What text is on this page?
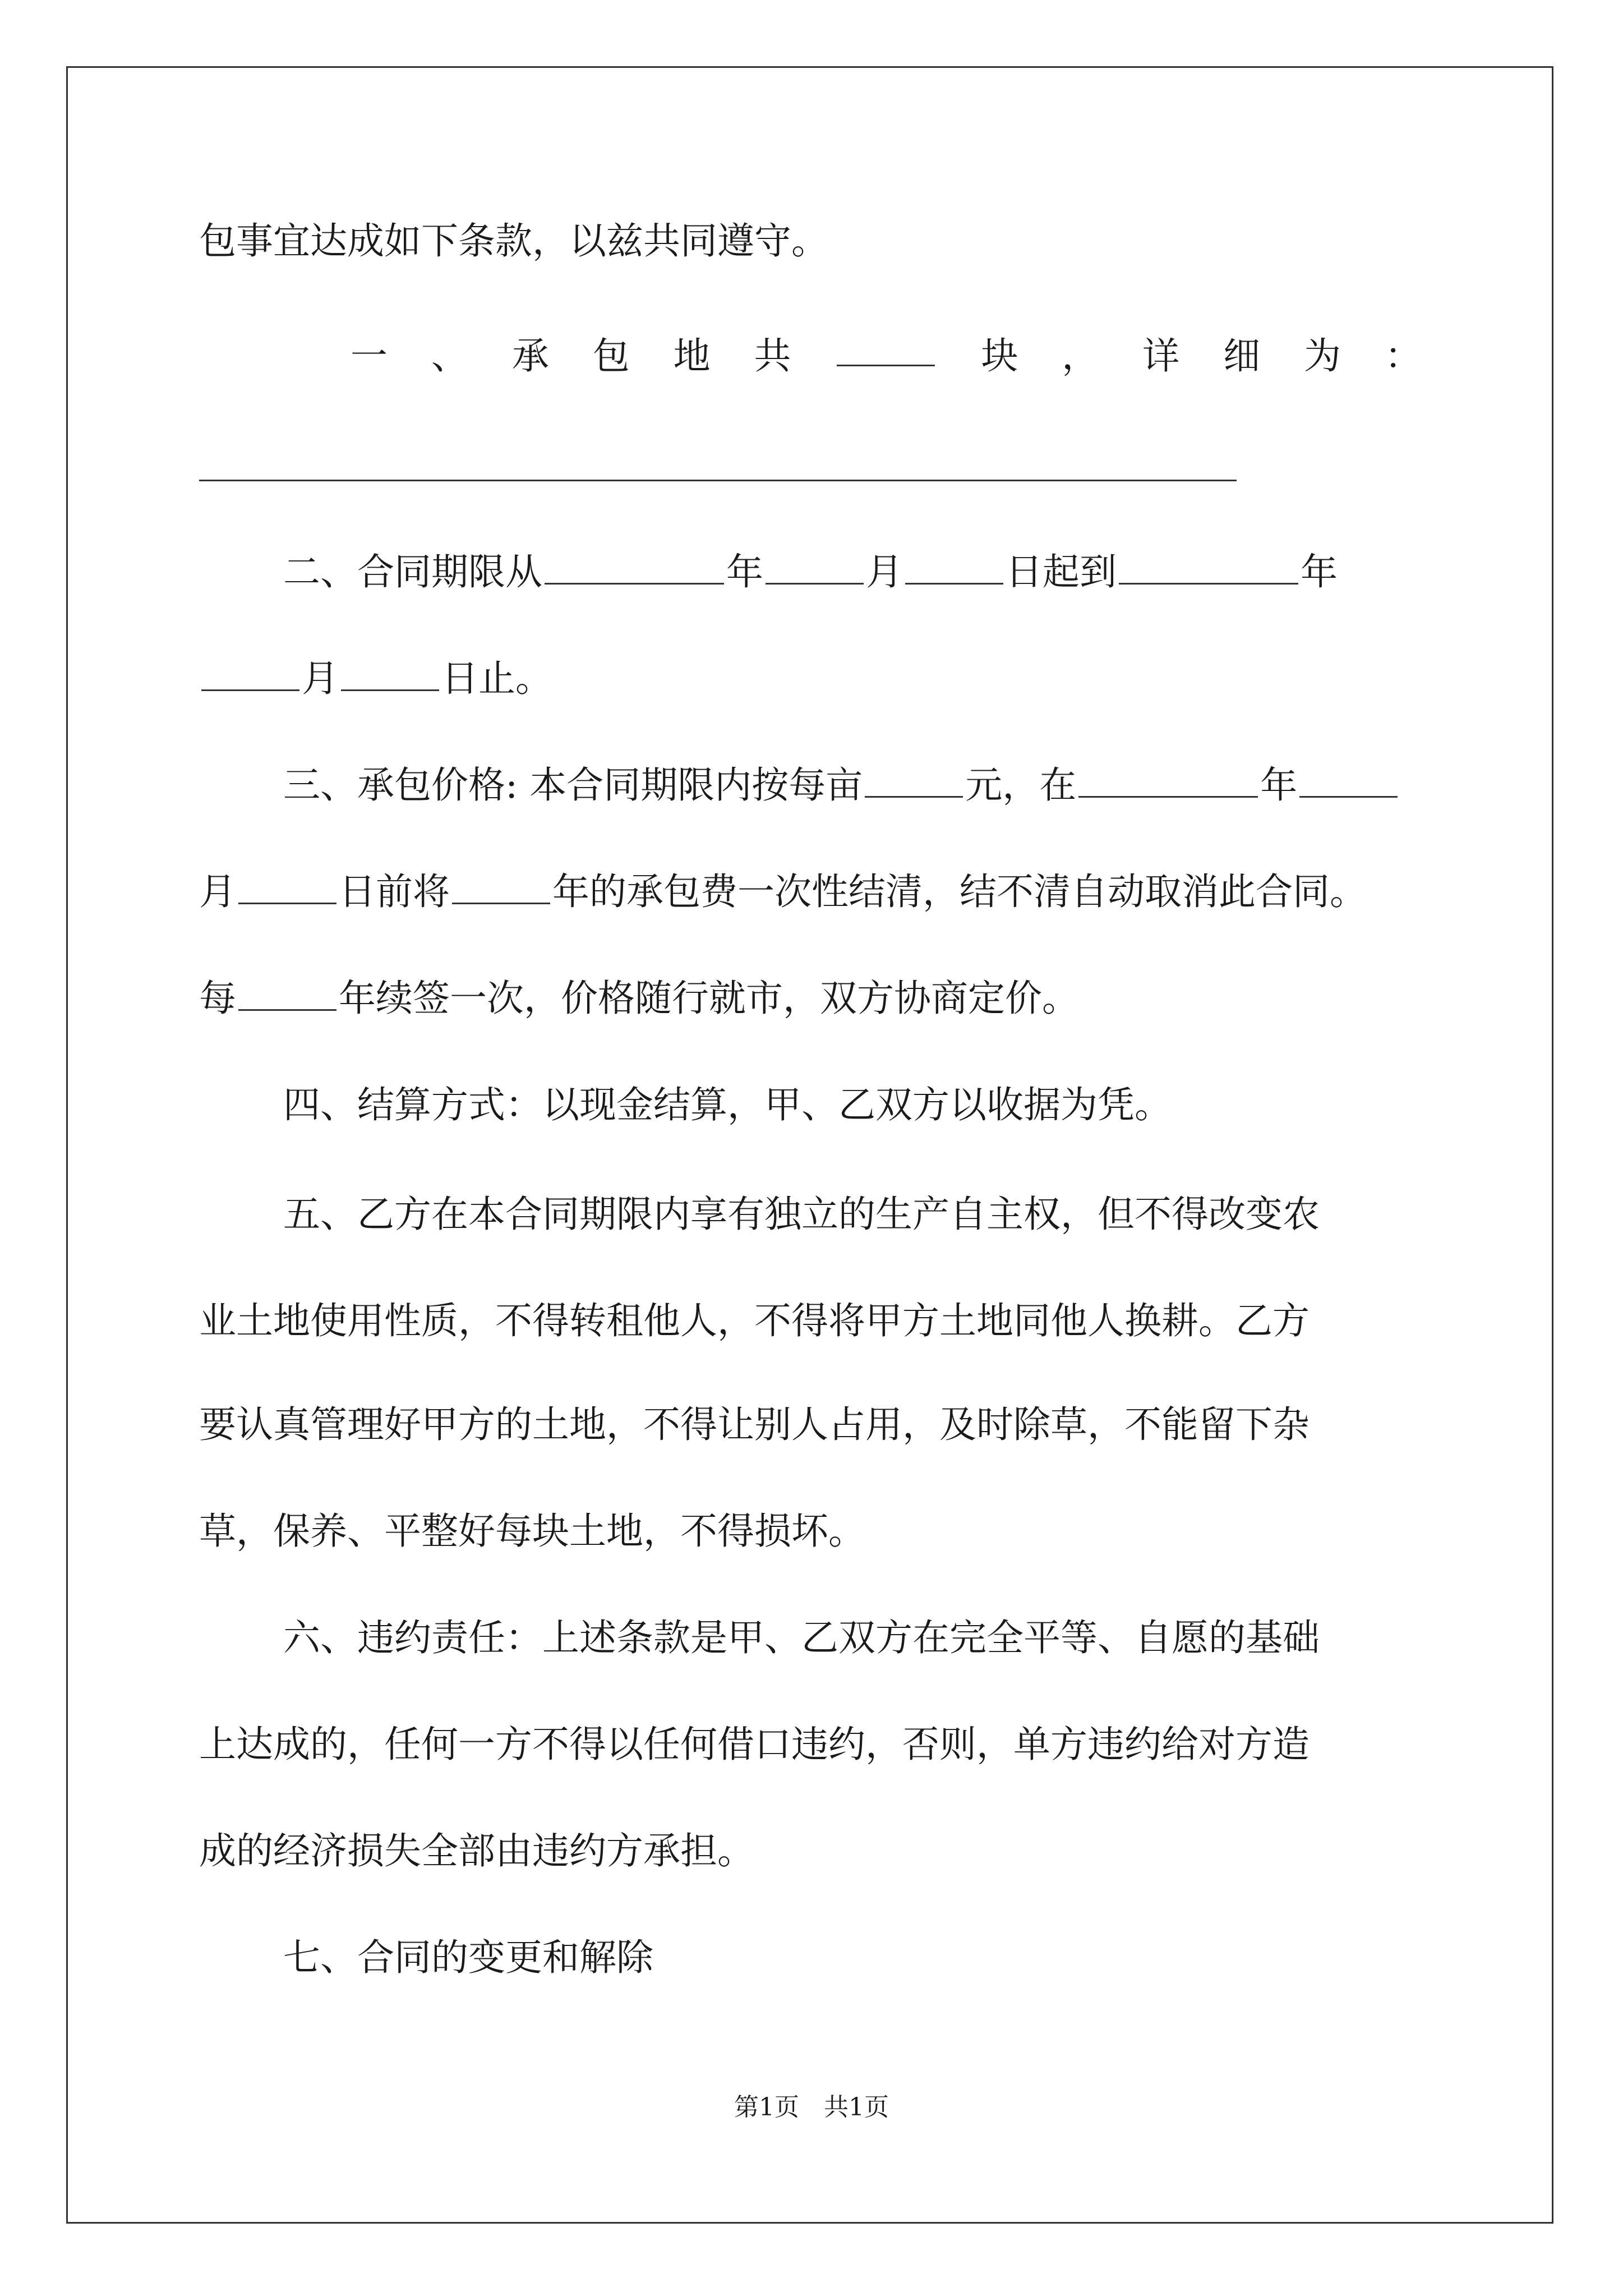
包事宜达成如下条款，以兹共同遵守。
一 、 承 包 地 共	块 ， 详 细 为 ：
二、合同期限从	年	月	日起到	年
月	日止。
三、承包价格: 本合同期限内按每亩	元，在	年
月	日前将	年的承包费一次性结清，结不清自动取消此合同。
每	年续签一次，价格随行就市，双方协商定价。
四、结算方式：以现金结算，甲、乙双方以收据为凭。
五、乙方在本合同期限内享有独立的生产自主权，但不得改变农
业土地使用性质，不得转租他人，不得将甲方土地同他人换耕。乙方
要认真管理好甲方的土地，不得让别人占用，及时除草，不能留下杂
草，保养、平整好每块土地，不得损坏。
六、违约责任：上述条款是甲、乙双方在完全平等、自愿的基础
上达成的，任何一方不得以任何借口违约，否则，单方违约给对方造
成的经济损失全部由违约方承担。
七、合同的变更和解除
第1页　共1页
